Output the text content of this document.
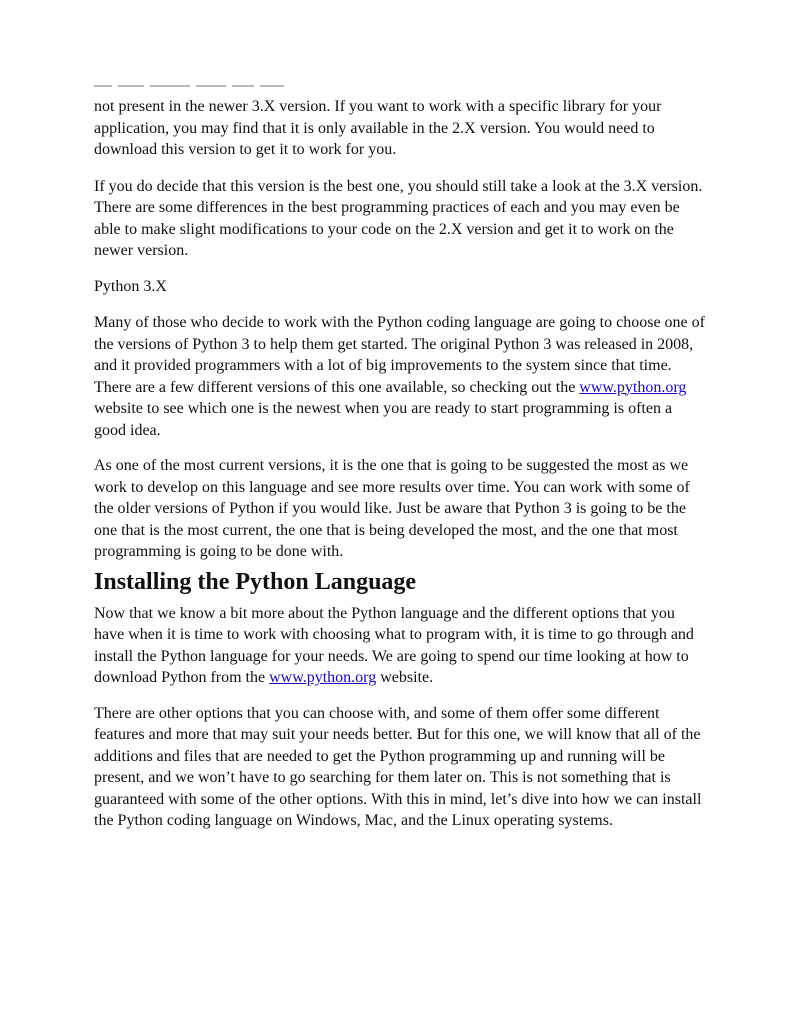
not present in the newer 3.X version. If you want to work with a specific library for your application, you may find that it is only available in the 2.X version. You would need to download this version to get it to work for you.

If you do decide that this version is the best one, you should still take a look at the 3.X version. There are some differences in the best programming practices of each and you may even be able to make slight modifications to your code on the 2.X version and get it to work on the newer version.

Python 3.X

Many of those who decide to work with the Python coding language are going to choose one of the versions of Python 3 to help them get started. The original Python 3 was released in 2008, and it provided programmers with a lot of big improvements to the system since that time. There are a few different versions of this one available, so checking out the www.python.org website to see which one is the newest when you are ready to start programming is often a good idea.

As one of the most current versions, it is the one that is going to be suggested the most as we work to develop on this language and see more results over time. You can work with some of the older versions of Python if you would like. Just be aware that Python 3 is going to be the one that is the most current, the one that is being developed the most, and the one that most programming is going to be done with.

Installing the Python Language

Now that we know a bit more about the Python language and the different options that you have when it is time to work with choosing what to program with, it is time to go through and install the Python language for your needs. We are going to spend our time looking at how to download Python from the www.python.org website.

There are other options that you can choose with, and some of them offer some different features and more that may suit your needs better. But for this one, we will know that all of the additions and files that are needed to get the Python programming up and running will be present, and we won’t have to go searching for them later on. This is not something that is guaranteed with some of the other options. With this in mind, let’s dive into how we can install the Python coding language on Windows, Mac, and the Linux operating systems.
